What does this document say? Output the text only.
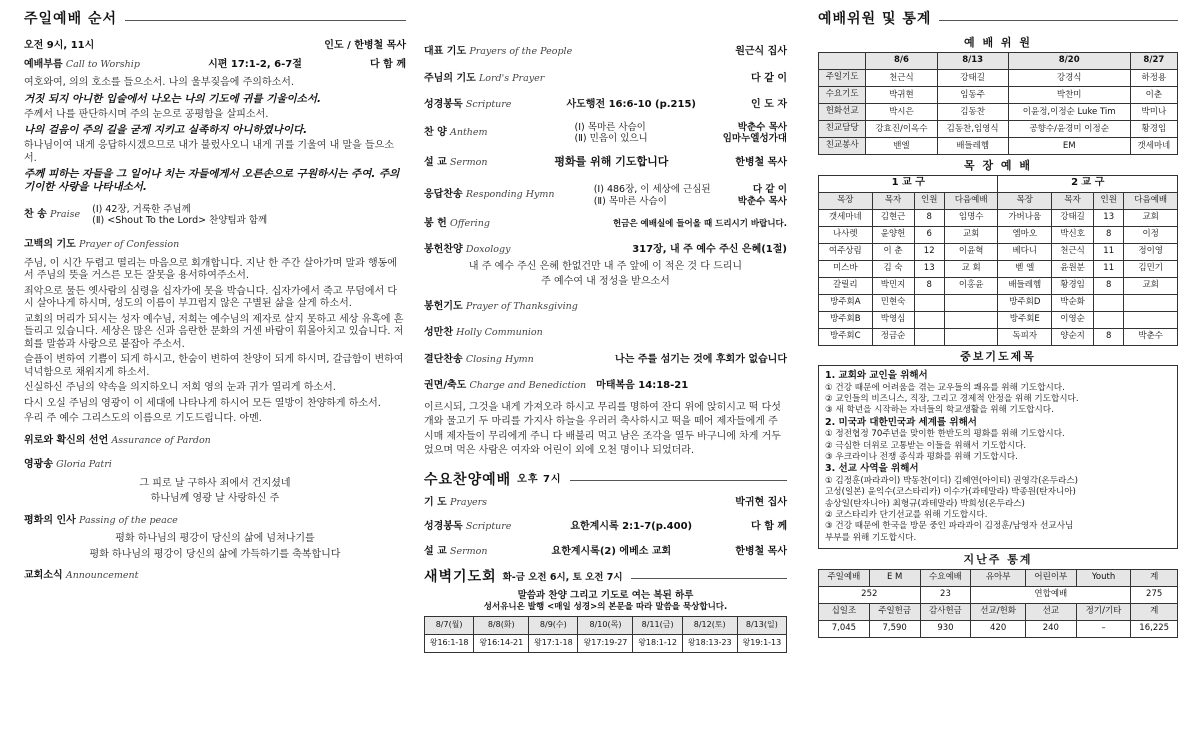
주일예배 순서
오전 9시, 11시	인도 / 한병철 목사
예배부름 Call to Worship	시편 17:1-2, 6-7절	다 함 께
여호와여, 의의 호소를 들으소서. 나의 울부짖음에 주의하소서.
거짓 되지 아니한 입술에서 나오는 나의 기도에 귀를 기울이소서.
주께서 나를 판단하시며 주의 눈으로 공평함을 살피소서.
나의 걸음이 주의 길을 굳게 지키고 실족하지 아니하였나이다.
하나님이여 내게 응답하시겠으므로 내가 불렀사오니 내게 귀를 기울여 내 말을 들으소서.
주께 피하는 자들을 그 일어나 치는 자들에게서 오른손으로 구원하시는 주여. 주의 기이한 사랑을 나타내소서.
찬 송 Praise
(Ⅰ) 42장, 거룩한 주님께
(Ⅱ) <Shout To the Lord> 찬양팀과 함께
고백의 기도 Prayer of Confession
주님, 이 시간 두렵고 떨리는 마음으로 회개합니다. 지난 한 주간 살아가며 말과 행동에서 주님의 뜻을 거스른 모든 잘못을 용서하여주소서.
죄악으로 물든 옛사람의 심령을 십자가에 못을 박습니다. 십자가에서 죽고 무덤에서 다시 살아나게 하시며, 성도의 이름이 부끄럽지 않은 구별된 삶을 살게 하소서.
교회의 머리가 되시는 성자 예수님, 저희는 예수님의 제자로 살지 못하고 세상 유혹에 흔들리고 있습니다. 세상은 많은 신과 음란한 문화의 거센 바람이 휘몰아치고 있습니다. 저희를 말씀과 사랑으로 붙잡아 주소서.
슬픔이 변하여 기쁨이 되게 하시고, 한숨이 변하여 찬양이 되게 하시며, 갈급함이 변하여 넉넉함으로 채워지게 하소서.
신실하신 주님의 약속을 의지하오니 저희 영의 눈과 귀가 열리게 하소서.
다시 오실 주님의 영광이 이 세대에 나타나게 하시어 모든 열방이 찬양하게 하소서.
우리 주 예수 그리스도의 이름으로 기도드립니다. 아멘.
위로와 확신의 선언 Assurance of Pardon
영광송 Gloria Patri
그 피로 날 구하사 죄에서 건지셨네
하나님께 영광 날 사랑하신 주
평화의 인사 Passing of the peace
평화 하나님의 평강이 당신의 삶에 넘쳐나기를
평화 하나님의 평강이 당신의 삶에 가득하기를 축복합니다
교회소식 Announcement
대표 기도 Prayers of the People	원근식 집사
주님의 기도 Lord's Prayer	다 같 이
성경봉독 Scripture	사도행전 16:6-10 (p.215)	인 도 자
찬 양 Anthem
(Ⅰ) 목마른 사슴이
(Ⅱ) 민음이 있으니
박춘수 목사
임마누엘성가대
설 교 Sermon	평화를 위해 기도합니다	한병철 목사
응답찬송 Responding Hymn
(Ⅰ) 486장, 이 세상에 근심된
(Ⅱ) 목마른 사슴이
다 같 이
박춘수 목사
봉 헌 Offering	헌금은 예배실에 들어올 때 드리시기 바랍니다.
봉헌찬양 Doxology	317장, 내 주 예수 주신 은혜(1절)
내 주 예수 주신 은혜 한없건만 내 주 앞에 이 적은 것 다 드리니
주 예수여 내 정성을 받으소서
봉헌기도 Prayer of Thanksgiving
성만찬 Holly Communion
결단찬송 Closing Hymn	나는 주를 섬기는 것에 후회가 없습니다
권면/축도 Charge and Benediction 마태복음 14:18-21
이르시되, 그것을 내게 가져오라 하시고 무리를 명하여 잔디 위에 앉히시고 떡 다섯 개와 물고기 두 마리를 가지사 하늘을 우러러 축사하시고 떡을 떼어 제자들에게 주시매 제자들이 무리에게 주니 다 배불리 먹고 남은 조각을 열두 바구니에 차게 거두었으며 먹은 사람은 여자와 어린이 외에 오천 명이나 되었더라.
수요찬양예배 오후 7시
기 도 Prayers	박귀현 집사
성경봉독 Scripture	요한계시록 2:1-7(p.400)	다 함 께
설 교 Sermon	요한계시록(2) 에베소 교회	한병철 목사
새벽기도회 화-금 오전 6시, 토 오전 7시
말씀과 찬양 그리고 기도로 여는 복된 하루
성서유니온 발행 <매일 성경>의 본문을 따라 말씀을 묵상합니다.
8/7(월)	8/8(화)	8/9(수)	8/10(목)	8/11(금)	8/12(토)	8/13(일)
왕16:1-18	왕16:14-21	왕17:1-18	왕17:19-27	왕18:1-12	왕18:13-23	왕19:1-13
예배위원 및 통계
예 배 위 원
	8/6	8/13	8/20	8/27
주일기도	천근식	강태길	강경식	하정용
수요기도	박귀현	임동주	박찬미	이춘
헌화선교	박시은	김동찬	이윤정,이정순 Luke Tim	박미나
친교담당	강효진/이옥수	김동찬,임영식	공향수/윤경미 이정순	황경임
친교봉사	밴엘	배들레헴	EM	갯세마네
목 장 예 배
1 교 구				2 교 구			
목장	목자	인원	다음예배	목장	목자	인원	다음예배
갯세마네	김현근	8	임명수	가버나움	강태길	13	교회
나사렛	윤양헌	6	교회	엠마오	박신호	8	이정
여주상림	이 춘	12	이윤혁	베다니	천근식	11	정이영
미스바	김 숙	13	교 회	벧 엘	윤원분	11	김민기
갈릴리	박민지	8	이홍윤	배들레헴	황경임	8	교회
방주회A	민현숙			방주회D	박순화		
방주회B	박영심			방주회E	이영순		
방주회C	정금순			독피자	양순지	8	박춘수
중보기도제목
1. 교회와 교인을 위해서
① 건강 때문에 어려움을 겪는 교우들의 쾌유를 위해 기도합시다.
② 교인들의 비즈니스, 직장, 그리고 경제적 안정을 위해 기도합시다.
③ 새 학년을 시작하는 자녀들의 학교생활을 위해 기도합시다.
2. 미국과 대한민국과 세계를 위해서
① 정전협정 70주년을 맞이한 한반도의 평화를 위해 기도합시다.
② 극심한 더위로 고통받는 이들을 위해서 기도합시다.
③ 우크라이나 전쟁 종식과 평화를 위해 기도합시다.
3. 선교 사역을 위해서
① 김정훈(파라과이) 박동찬(이디) 김혜연(아이티) 권영각(온두라스)
고성(일본) 윤익수(코스타리카) 이수가(과테말라) 박종원(탄자니아)
송상일(탄자니아) 최형규(과테말라) 박희성(온두라스)
② 코스타리카 단기선교를 위해 기도합시다.
③ 건강 때문에 한국을 방문 중인 파라과이 김정훈/남영자 선교사님
부부를 위해 기도합시다.
지난주 통계
주일예배	E M	수요예배	유아부	어린이부	Youth	계
252		23	연합예배			275
십일조	주일헌금	감사헌금	선교/헌화	선교	정기/기타	계
7,045	7,590	930	420	240	–	16,225
